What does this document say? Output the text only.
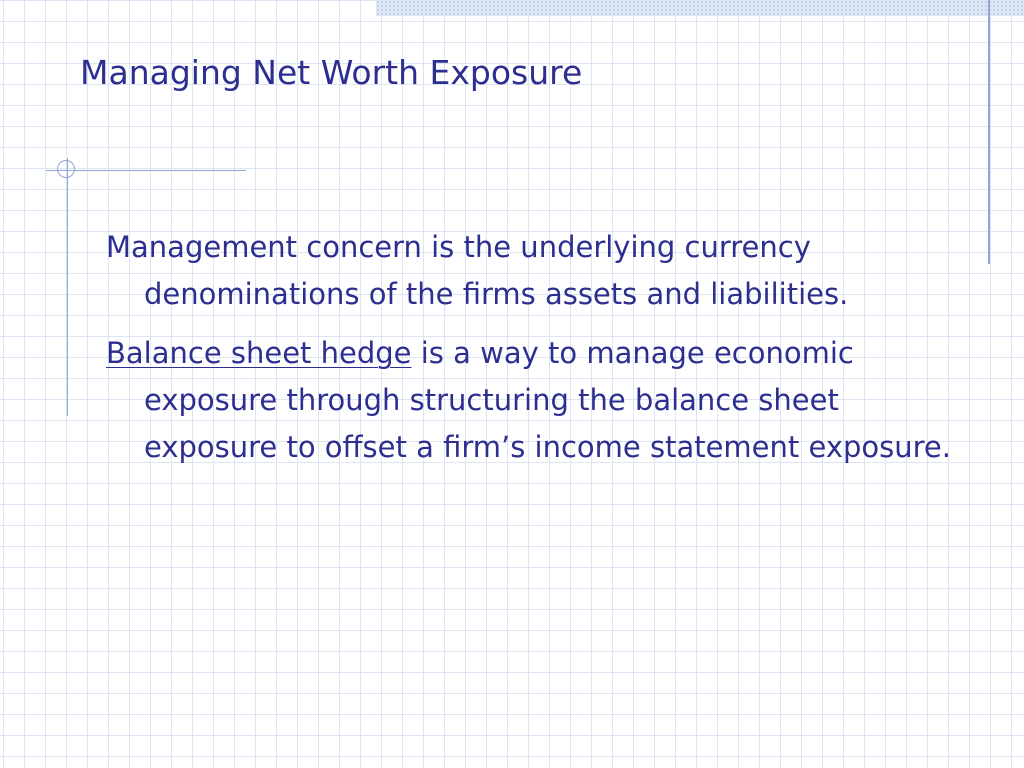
Managing Net Worth Exposure

Management concern is the underlying currency denominations of the firms assets and liabilities.

Balance sheet hedge is a way to manage economic exposure through structuring the balance sheet exposure to offset a firm’s income statement exposure.
